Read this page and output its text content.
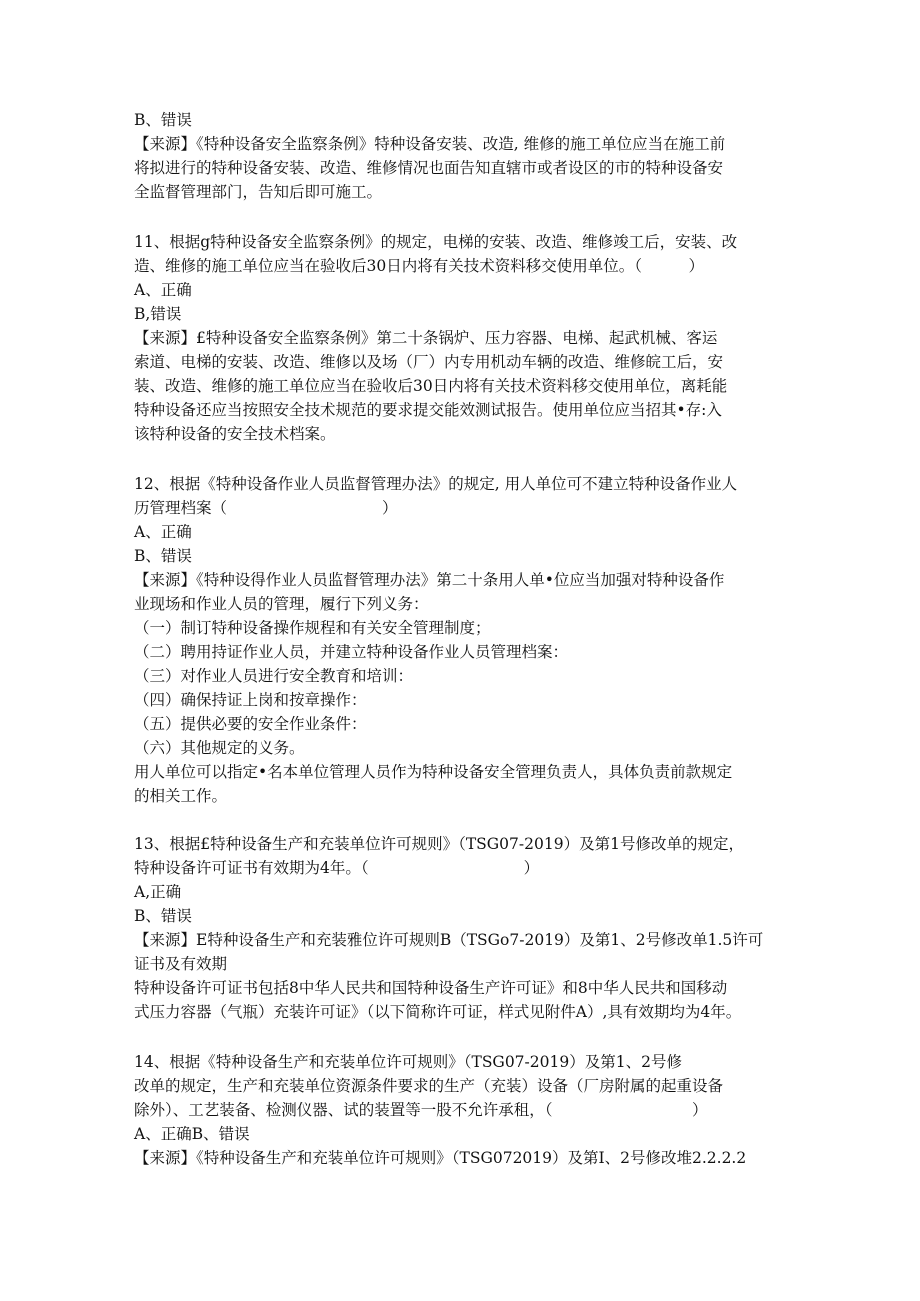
B、错误
【来源】《特种设备安全监察条例》特种设备安装、改造, 维修的施工单位应当在施工前
将拟进行的特种设备安装、改造、维修情况也面告知直辖市或者设区的市的特种设备安
全监督管理部门，告知后即可施工。
11、根据g特种设备安全监察条例》的规定，电梯的安装、改造、维修竣工后，安装、改
造、维修的施工单位应当在验收后30日内将有关技术资料移交使用单位。（　　　）
A、正确
B,错误
【来源】£特种设备安全监察条例》第二十条锅炉、压力容器、电梯、起武机械、客运
索道、电梯的安装、改造、维修以及场（厂）内专用机动车辆的改造、维修皖工后，安
装、改造、维修的施工单位应当在验收后30日内将有关技术资料移交使用单位，离耗能
特种设备还应当按照安全技术规范的要求提交能效测试报告。使用单位应当招其•存:入
该特种设备的安全技术档案。
12、根据《特种设备作业人员监督管理办法》的规定, 用人单位可不建立特种设备作业人
历管理档案（　　　　　　　　　　）
A、正确
B、错误
【来源】《特种设得作业人员监督管理办法》第二十条用人单•位应当加强对特种设备作
业现场和作业人员的管理，履行下列义务：
（一）制订特种设备操作规程和有关安全管理制度；
（二）聘用持证作业人员，并建立特种设备作业人员管理档案：
（三）对作业人员进行安全教育和培训：
（四）确保持证上岗和按章操作：
（五）提供必要的安全作业条件：
（六）其他规定的义务。
用人单位可以指定•名本单位管理人员作为特种设备安全管理负责人，具体负责前款规定
的相关工作。
13、根据£特种设备生产和充装单位许可规则》（TSG07-2019）及第1号修改单的规定，
特种设备许可证书有效期为4年。（　　　　　　　　　　）
A,正确
B、错误
【来源】E特种设备生产和充装雅位许可规则B（TSGo7-2019）及第1、2号修改单1.5许可
证书及有效期
特种设备许可证书包括8中华人民共和国特种设备生产许可证》和8中华人民共和国移动
式压力容器（气瓶）充装许可证》（以下简称许可证，样式见附件A）,具有效期均为4年。
14、根据《特种设备生产和充装单位许可规则》（TSG07-2019）及第1、2号修
改单的规定，生产和充装单位资源条件要求的生产（充装）设备（厂房附属的起重设备
除外）、工艺装备、检测仪器、试的装置等一股不允许承租，（　　　　　　　　　）
A、正确B、错误
【来源】《特种设备生产和充装单位许可规则》（TSG072019）及第I、2号修改堆2.2.2.2
